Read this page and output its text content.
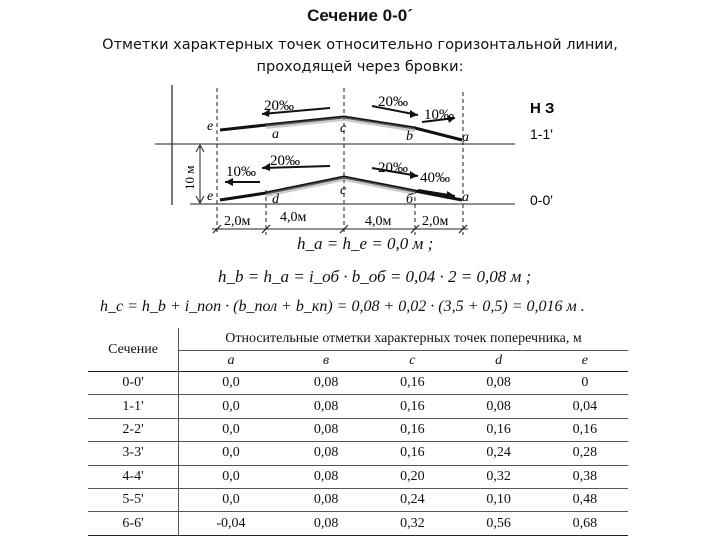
Сечение 0-0´
Отметки характерных точек относительно горизонтальной линии,
проходящей через бровки:
10 м
20‰	20‰
10‰
10‰
20‰	20‰
40‰
е
а	с
b	a
е	d
c
б	a
Н З
1-1'
0-0'
2,0м 4,0м	4,0м 2,0м
h_a = h_e = 0,0 м ;
h_b = h_a = i_об · b_об = 0,04 · 2 = 0,08 м ;
h_c = h_b + i_поп · (b_пол + b_кп) = 0,08 + 0,02 · (3,5 + 0,5) = 0,016 м .
Сечение	Относительные отметки характерных точек поперечника, м				
	а	в	с	d	е
0-0'	0,0	0,08	0,16	0,08	0
1-1'	0,0	0,08	0,16	0,08	0,04
2-2'	0,0	0,08	0,16	0,16	0,16
3-3'	0,0	0,08	0,16	0,24	0,28
4-4'	0,0	0,08	0,20	0,32	0,38
5-5'	0,0	0,08	0,24	0,10	0,48
6-6'	-0,04	0,08	0,32	0,56	0,68
